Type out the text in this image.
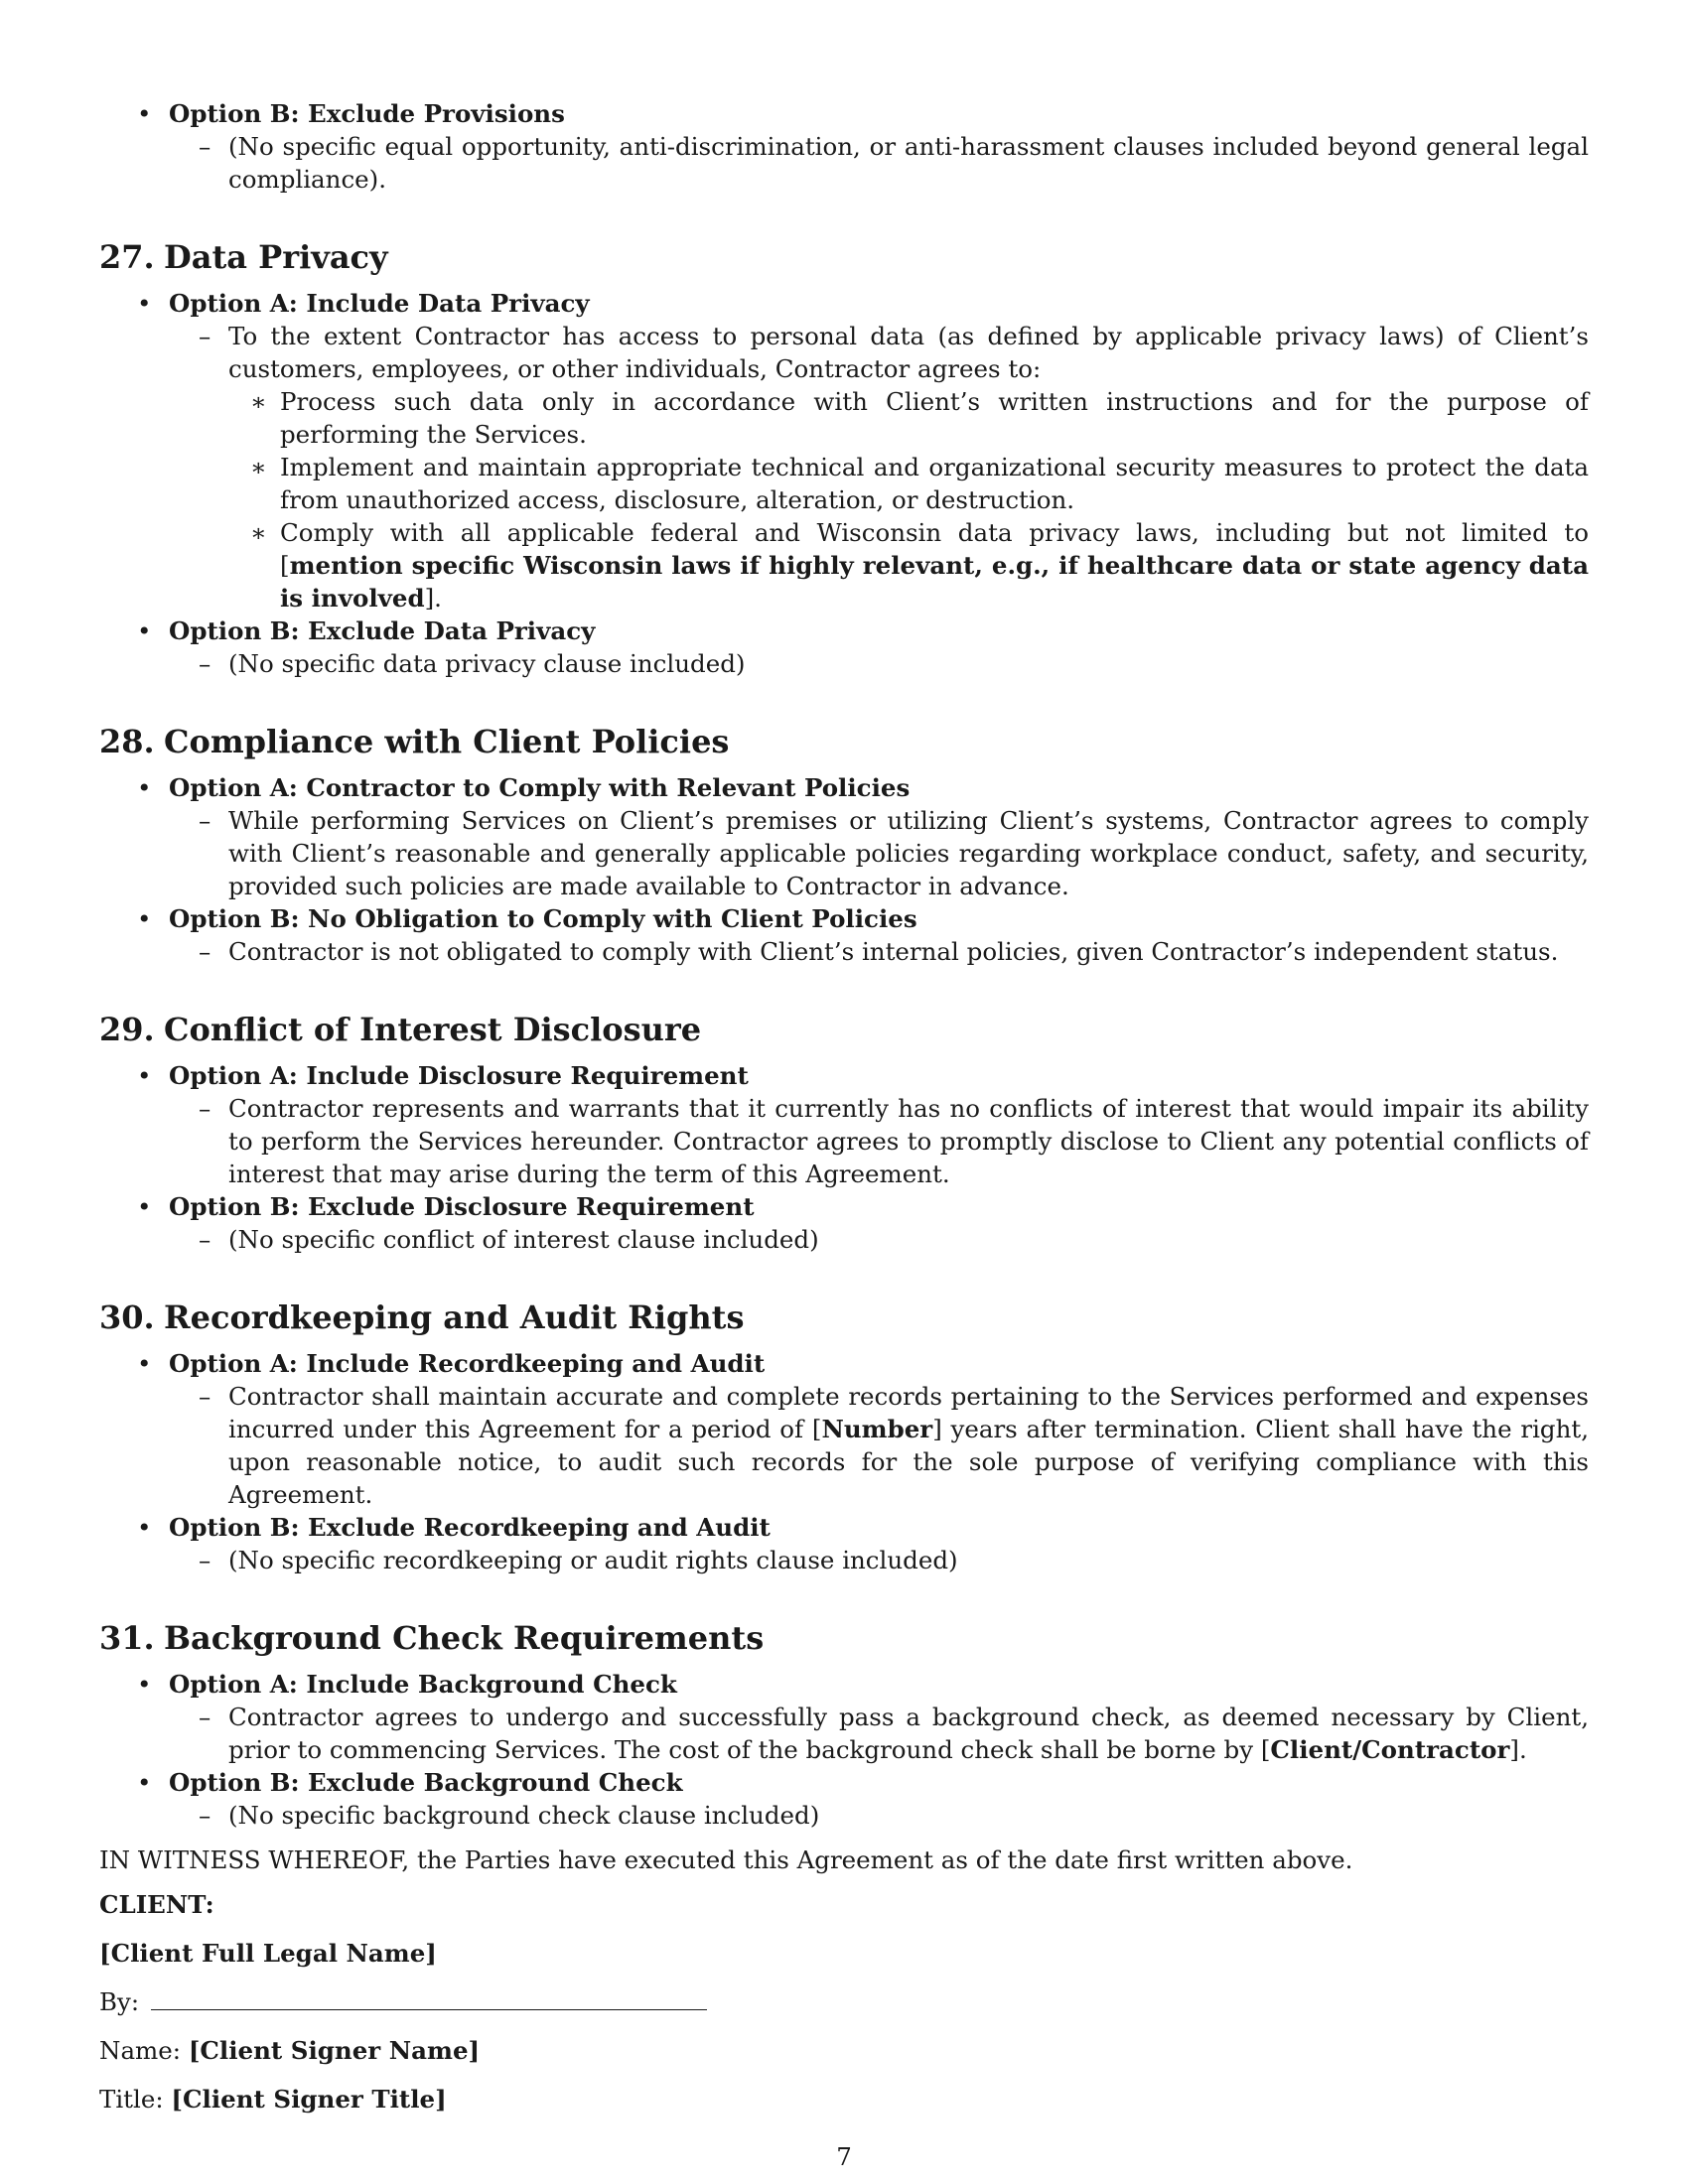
• Option B: Exclude Provisions
– (No specific equal opportunity, anti-discrimination, or anti-harassment clauses included beyond general legal compliance).
27. Data Privacy
• Option A: Include Data Privacy
– To the extent Contractor has access to personal data (as defined by applicable privacy laws) of Client’s customers, employees, or other individuals, Contractor agrees to:
∗ Process such data only in accordance with Client’s written instructions and for the purpose of performing the Services.
∗ Implement and maintain appropriate technical and organizational security measures to protect the data from unauthorized access, disclosure, alteration, or destruction.
∗ Comply with all applicable federal and Wisconsin data privacy laws, including but not limited to [mention specific Wisconsin laws if highly relevant, e.g., if healthcare data or state agency data is involved].
• Option B: Exclude Data Privacy
– (No specific data privacy clause included)
28. Compliance with Client Policies
• Option A: Contractor to Comply with Relevant Policies
– While performing Services on Client’s premises or utilizing Client’s systems, Contractor agrees to comply with Client’s reasonable and generally applicable policies regarding workplace conduct, safety, and security, provided such policies are made available to Contractor in advance.
• Option B: No Obligation to Comply with Client Policies
– Contractor is not obligated to comply with Client’s internal policies, given Contractor’s independent status.
29. Conflict of Interest Disclosure
• Option A: Include Disclosure Requirement
– Contractor represents and warrants that it currently has no conflicts of interest that would impair its ability to perform the Services hereunder. Contractor agrees to promptly disclose to Client any potential conflicts of interest that may arise during the term of this Agreement.
• Option B: Exclude Disclosure Requirement
– (No specific conflict of interest clause included)
30. Recordkeeping and Audit Rights
• Option A: Include Recordkeeping and Audit
– Contractor shall maintain accurate and complete records pertaining to the Services performed and expenses incurred under this Agreement for a period of [Number] years after termination. Client shall have the right, upon reasonable notice, to audit such records for the sole purpose of verifying compliance with this Agreement.
• Option B: Exclude Recordkeeping and Audit
– (No specific recordkeeping or audit rights clause included)
31. Background Check Requirements
• Option A: Include Background Check
– Contractor agrees to undergo and successfully pass a background check, as deemed necessary by Client, prior to commencing Services. The cost of the background check shall be borne by [Client/Contractor].
• Option B: Exclude Background Check
– (No specific background check clause included)
IN WITNESS WHEREOF, the Parties have executed this Agreement as of the date first written above.

CLIENT:

[Client Full Legal Name]

By:

Name: [Client Signer Name]

Title: [Client Signer Title]

7
